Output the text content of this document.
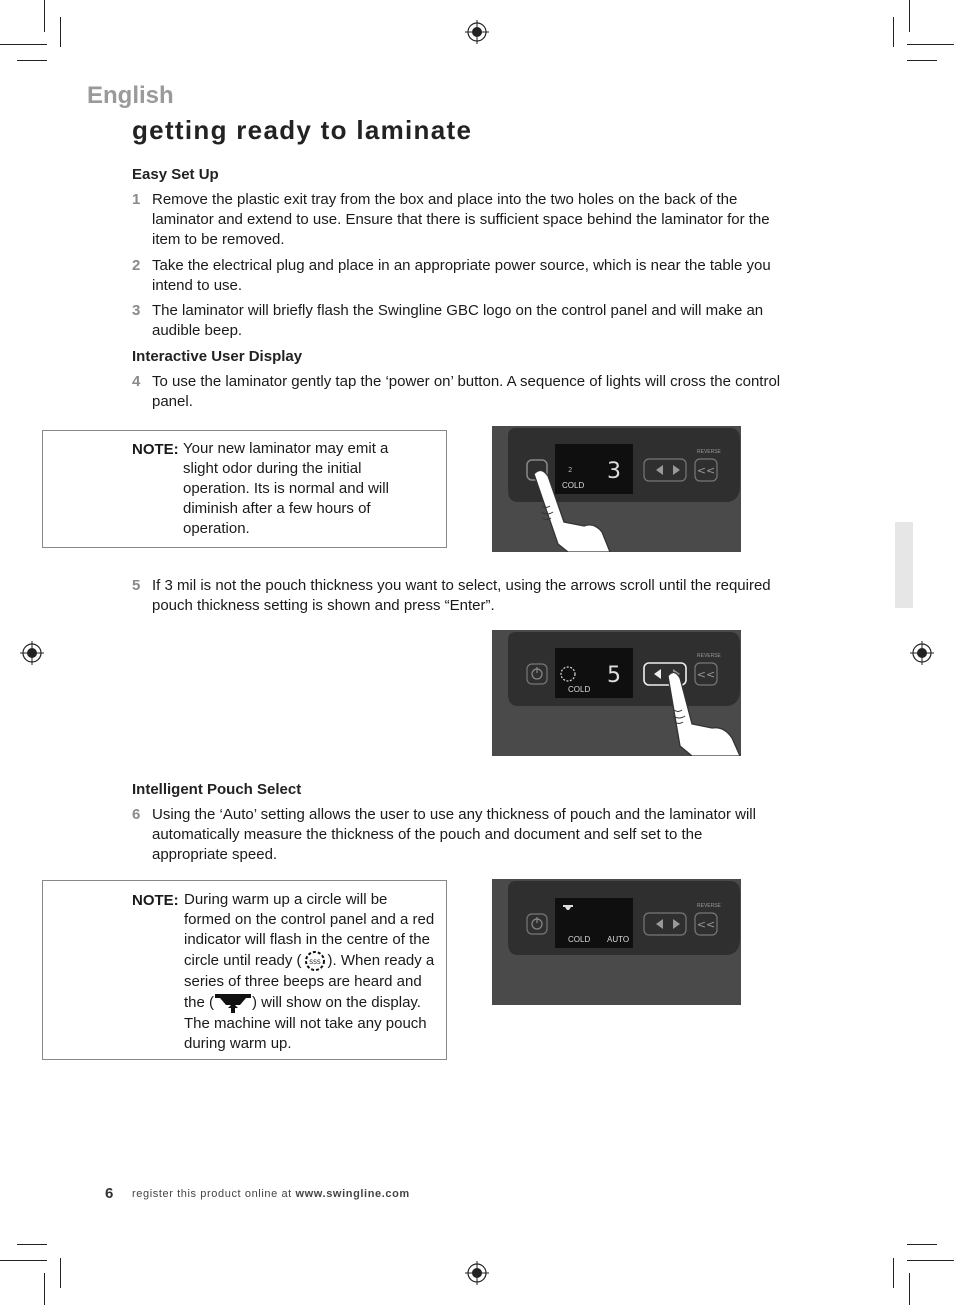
English
getting ready to laminate
Easy Set Up
1 Remove the plastic exit tray from the box and place into the two holes on the back of the laminator and extend to use. Ensure that there is sufficient space behind the laminator for the item to be removed.
2 Take the electrical plug and place in an appropriate power source, which is near the table you intend to use.
3 The laminator will briefly flash the Swingline GBC logo on the control panel and will make an audible beep.
Interactive User Display
4 To use the laminator gently tap the ‘power on’ button. A sequence of lights will cross the control panel.
NOTE: Your new laminator may emit a slight odor during the initial operation. Its is normal and will diminish after a few hours of operation.
<<
REVERSE
3
COLD
2
5 If 3 mil is not the pouch thickness you want to select, using the arrows scroll until the required pouch thickness setting is shown and press “Enter”.
<<
REVERSE
5
COLD
Intelligent Pouch Select
6 Using the ‘Auto’ setting allows the user to use any thickness of pouch and the laminator will automatically measure the thickness of the pouch and document and self set to the appropriate speed.
NOTE: During warm up a circle will be formed on the control panel and a red indicator will flash in the centre of the circle until ready ( SSS ). When ready a series of three beeps are heard and the (	) will show on the display. The machine will not take any pouch during warm up.
<<
REVERSE
COLD AUTO
6 register this product online at www.swingline.com
